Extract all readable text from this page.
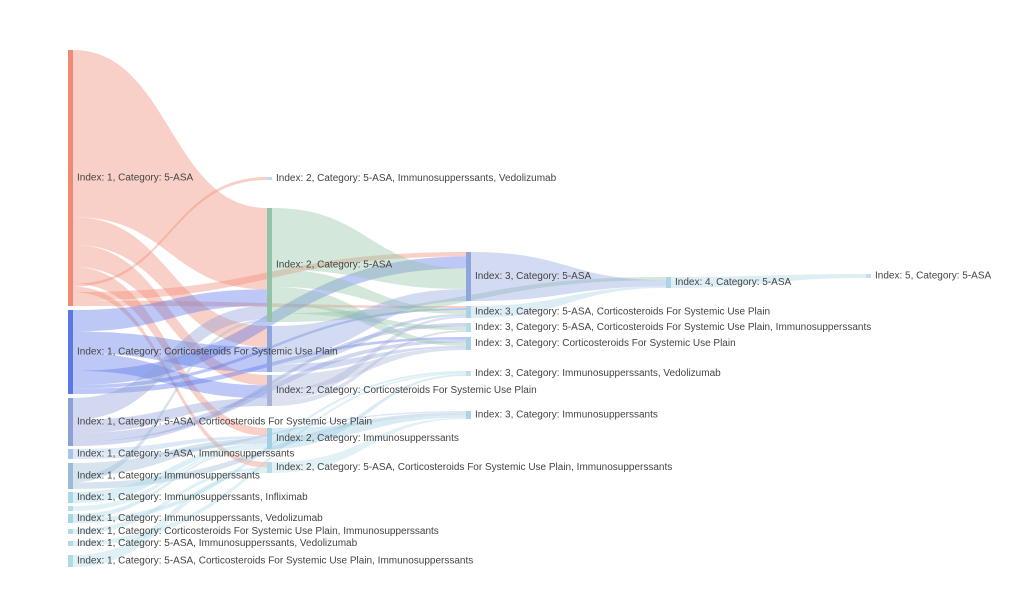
Index: 1, Category: 5-ASA
Index: 1, Category: Corticosteroids For Systemic Use Plain
Index: 1, Category: 5-ASA, Corticosteroids For Systemic Use Plain
Index: 1, Category: 5-ASA, Immunosupperssants
Index: 1, Category: Immunosupperssants
Index: 1, Category: Immunosupperssants, Infliximab
Index: 1, Category: Immunosupperssants, Vedolizumab
Index: 1, Category: Corticosteroids For Systemic Use Plain, Immunosupperssants
Index: 1, Category: 5-ASA, Immunosupperssants, Vedolizumab
Index: 1, Category: 5-ASA, Corticosteroids For Systemic Use Plain, Immunosupperssants
Index: 2, Category: 5-ASA, Immunosupperssants, Vedolizumab
Index: 2, Category: 5-ASA
Index: 2, Category: Corticosteroids For Systemic Use Plain
Index: 2, Category: Immunosupperssants
Index: 2, Category: 5-ASA, Corticosteroids For Systemic Use Plain, Immunosupperssants
Index: 3, Category: 5-ASA
Index: 3, Category: 5-ASA, Corticosteroids For Systemic Use Plain
Index: 3, Category: 5-ASA, Corticosteroids For Systemic Use Plain, Immunosupperssants
Index: 3, Category: Corticosteroids For Systemic Use Plain
Index: 3, Category: Immunosupperssants, Vedolizumab
Index: 3, Category: Immunosupperssants
Index: 4, Category: 5-ASA
Index: 5, Category: 5-ASA
